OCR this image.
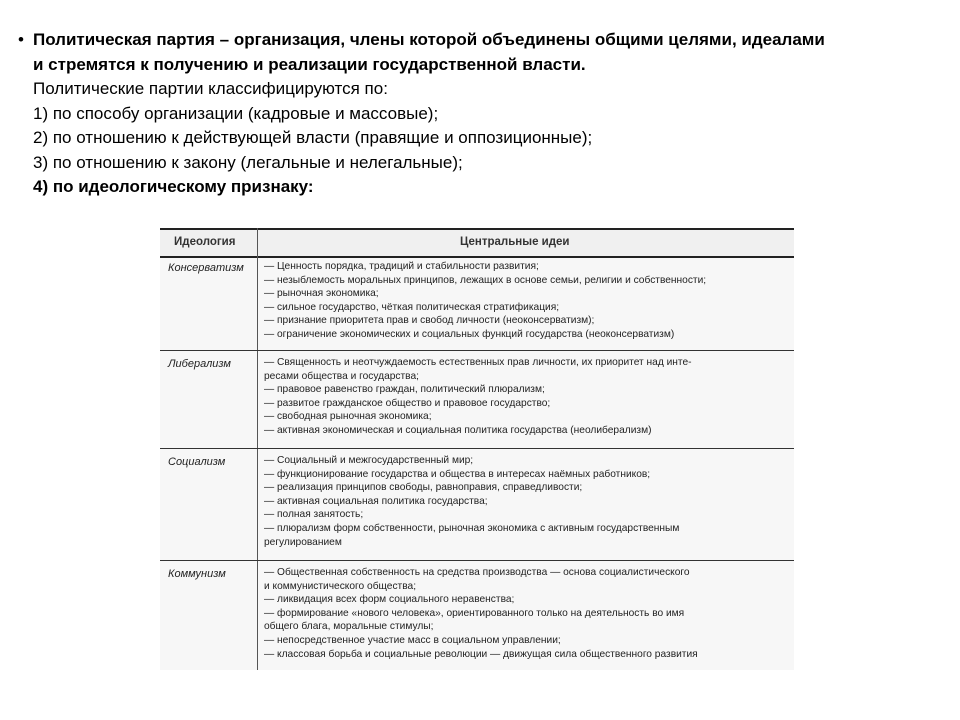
• Политическая партия – организация, члены которой объединены общими целями, идеалами
и стремятся к получению и реализации государственной власти.
Политические партии классифицируются по:
1) по способу организации (кадровые и массовые);
2) по отношению к действующей власти (правящие и оппозиционные);
3) по отношению к закону (легальные и нелегальные);
4) по идеологическому признаку:
Идеология	Центральные идеи
Консерватизм — Ценность порядка, традиций и стабильности развития;
— незыблемость моральных принципов, лежащих в основе семьи, религии и собственности;
— рыночная экономика;
— сильное государство, чёткая политическая стратификация;
— признание приоритета прав и свобод личности (неоконсерватизм);
— ограничение экономических и социальных функций государства (неоконсерватизм)
Либерализм	— Священность и неотчуждаемость естественных прав личности, их приоритет над инте-
ресами общества и государства;
— правовое равенство граждан, политический плюрализм;
— развитое гражданское общество и правовое государство;
— свободная рыночная экономика;
— активная экономическая и социальная политика государства (неолиберализм)
Социализм	— Социальный и межгосударственный мир;
— функционирование государства и общества в интересах наёмных работников;
— реализация принципов свободы, равноправия, справедливости;
— активная социальная политика государства;
— полная занятость;
— плюрализм форм собственности, рыночная экономика с активным государственным
регулированием
Коммунизм	— Общественная собственность на средства производства — основа социалистического
и коммунистического общества;
— ликвидация всех форм социального неравенства;
— формирование «нового человека», ориентированного только на деятельность во имя
общего блага, моральные стимулы;
— непосредственное участие масс в социальном управлении;
— классовая борьба и социальные революции — движущая сила общественного развития
